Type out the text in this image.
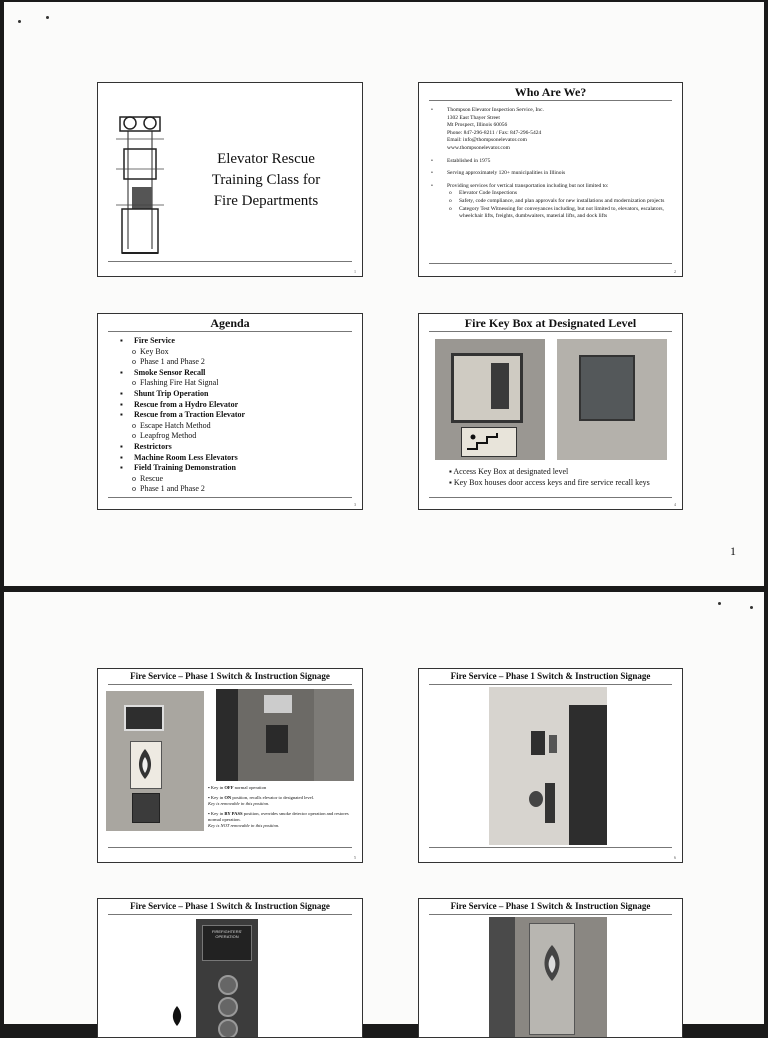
Elevator Rescue
Training Class for
Fire Departments
1
Who Are We?
•	Thompson Elevator Inspection Service, Inc.
1302 East Thayer Street
Mt Prospect, Illinois 60056
Phone: 847-296-8211 / Fax: 847-296-5424
Email: info@thompsonelevator.com
www.thompsonelevator.com
•	Established in 1975
•	Serving approximately 120+ municipalities in Illinois
•	Providing services for vertical transportation including but not limited to:
o Elevator Code Inspections
o Safety, code compliance, and plan approvals for new installations and modernization projects
o Category Test Witnessing for conveyances including, but not limited to, elevators, escalators, wheelchair lifts, freights, dumbwaiters, material lifts, and dock lifts
2
Agenda
▪ Fire Service
o Key Box
o Phase 1 and Phase 2
▪ Smoke Sensor Recall
o Flashing Fire Hat Signal
▪ Shunt Trip Operation
▪ Rescue from a Hydro Elevator
▪ Rescue from a Traction Elevator
o Escape Hatch Method
o Leapfrog Method
▪ Restrictors
▪ Machine Room Less Elevators
▪ Field Training Demonstration
o Rescue
o Phase 1 and Phase 2
3
Fire Key Box at Designated Level
▪ Access Key Box at designated level
▪ Key Box houses door access keys and fire service recall keys
4
1
Fire Service – Phase 1 Switch & Instruction Signage
▪ Key in OFF normal operation
▪ Key in ON position, recalls elevator to designated level.
Key is removable in this position.
▪ Key in BY PASS position, overrides smoke detector operation and restores normal operation.
Key is NOT removable in this position.
5
Fire Service – Phase 1 Switch & Instruction Signage
6
Fire Service – Phase 1 Switch & Instruction Signage
FIREFIGHTERS' OPERATION
Fire Service – Phase 1 Switch & Instruction Signage
